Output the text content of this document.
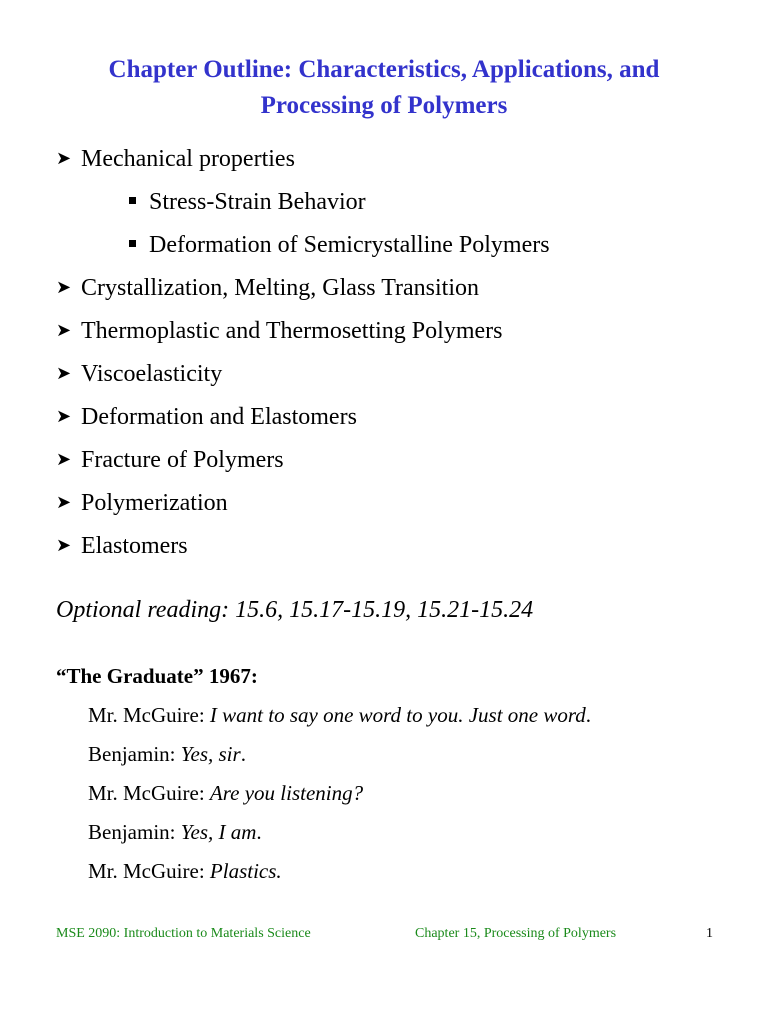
Chapter Outline: Characteristics, Applications, and
Processing of Polymers
➤ Mechanical properties
Stress-Strain Behavior
Deformation of Semicrystalline Polymers
➤ Crystallization, Melting, Glass Transition
➤ Thermoplastic and Thermosetting Polymers
➤ Viscoelasticity
➤ Deformation and Elastomers
➤ Fracture of Polymers
➤ Polymerization
➤ Elastomers
Optional reading: 15.6, 15.17-15.19, 15.21-15.24
“The Graduate” 1967:
Mr. McGuire: I want to say one word to you. Just one word.
Benjamin: Yes, sir.
Mr. McGuire: Are you listening?
Benjamin: Yes, I am.
Mr. McGuire: Plastics.
MSE 2090: Introduction to Materials Science	Chapter 15, Processing of Polymers	1
